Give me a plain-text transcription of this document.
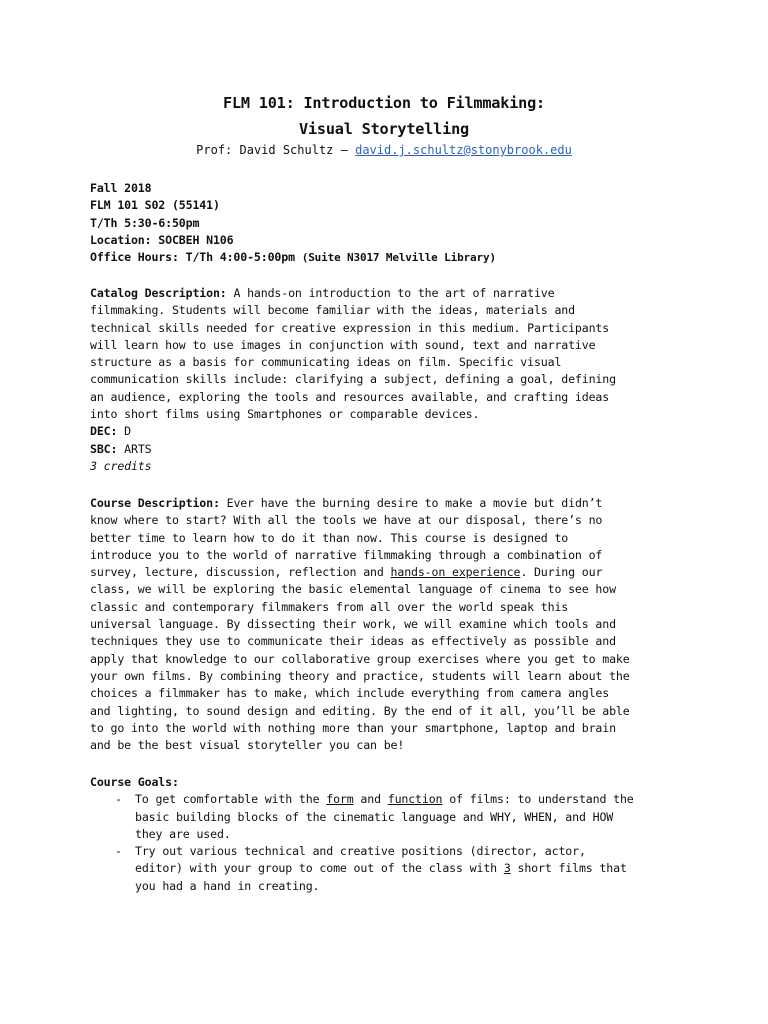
FLM 101: Introduction to Filmmaking:
Visual Storytelling
Prof: David Schultz – david.j.schultz@stonybrook.edu
Fall 2018
FLM 101 S02 (55141)
T/Th 5:30-6:50pm
Location: SOCBEH N106
Office Hours: T/Th 4:00-5:00pm (Suite N3017 Melville Library)
Catalog Description: A hands-on introduction to the art of narrative
filmmaking. Students will become familiar with the ideas, materials and
technical skills needed for creative expression in this medium. Participants
will learn how to use images in conjunction with sound, text and narrative
structure as a basis for communicating ideas on film. Specific visual
communication skills include: clarifying a subject, defining a goal, defining
an audience, exploring the tools and resources available, and crafting ideas
into short films using Smartphones or comparable devices.
DEC: D
SBC: ARTS
3 credits
Course Description: Ever have the burning desire to make a movie but didn’t
know where to start? With all the tools we have at our disposal, there’s no
better time to learn how to do it than now. This course is designed to
introduce you to the world of narrative filmmaking through a combination of
survey, lecture, discussion, reflection and hands-on experience. During our
class, we will be exploring the basic elemental language of cinema to see how
classic and contemporary filmmakers from all over the world speak this
universal language. By dissecting their work, we will examine which tools and
techniques they use to communicate their ideas as effectively as possible and
apply that knowledge to our collaborative group exercises where you get to make
your own films. By combining theory and practice, students will learn about the
choices a filmmaker has to make, which include everything from camera angles
and lighting, to sound design and editing. By the end of it all, you’ll be able
to go into the world with nothing more than your smartphone, laptop and brain
and be the best visual storyteller you can be!
Course Goals:
- To get comfortable with the form and function of films: to understand the
basic building blocks of the cinematic language and WHY, WHEN, and HOW
they are used.
- Try out various technical and creative positions (director, actor,
editor) with your group to come out of the class with 3 short films that
you had a hand in creating.
